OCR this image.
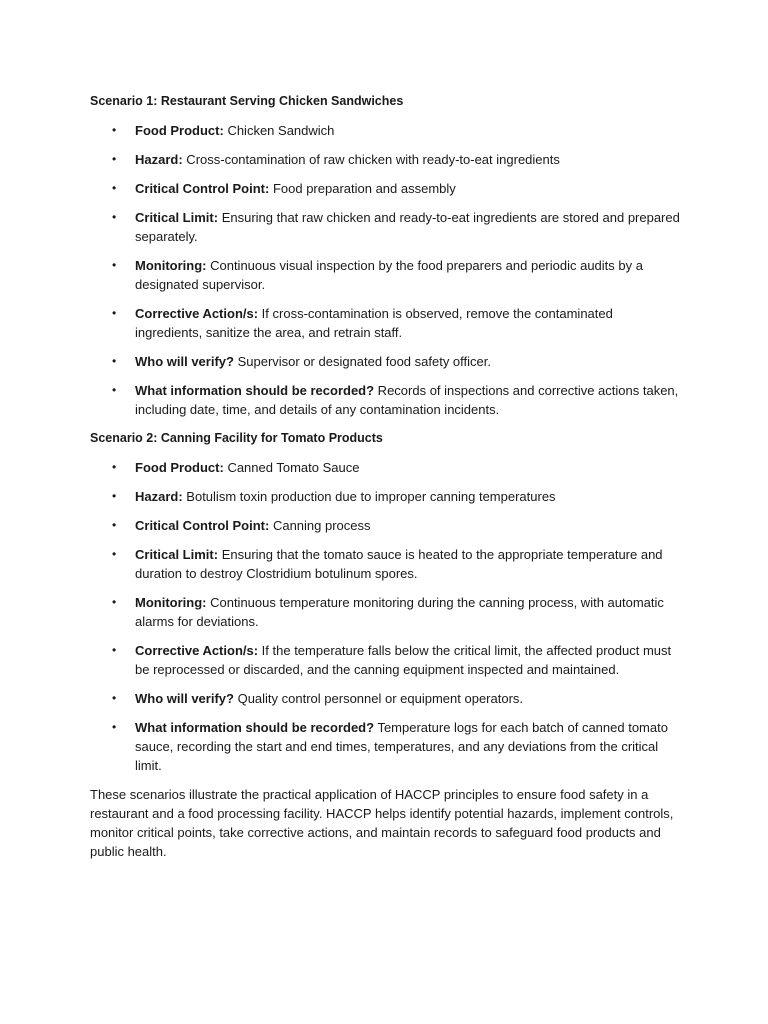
Scenario 1: Restaurant Serving Chicken Sandwiches
• Food Product: Chicken Sandwich
• Hazard: Cross-contamination of raw chicken with ready-to-eat ingredients
• Critical Control Point: Food preparation and assembly
• Critical Limit: Ensuring that raw chicken and ready-to-eat ingredients are stored and prepared separately.
• Monitoring: Continuous visual inspection by the food preparers and periodic audits by a designated supervisor.
• Corrective Action/s: If cross-contamination is observed, remove the contaminated ingredients, sanitize the area, and retrain staff.
• Who will verify? Supervisor or designated food safety officer.
• What information should be recorded? Records of inspections and corrective actions taken, including date, time, and details of any contamination incidents.
Scenario 2: Canning Facility for Tomato Products
• Food Product: Canned Tomato Sauce
• Hazard: Botulism toxin production due to improper canning temperatures
• Critical Control Point: Canning process
• Critical Limit: Ensuring that the tomato sauce is heated to the appropriate temperature and duration to destroy Clostridium botulinum spores.
• Monitoring: Continuous temperature monitoring during the canning process, with automatic alarms for deviations.
• Corrective Action/s: If the temperature falls below the critical limit, the affected product must be reprocessed or discarded, and the canning equipment inspected and maintained.
• Who will verify? Quality control personnel or equipment operators.
• What information should be recorded? Temperature logs for each batch of canned tomato sauce, recording the start and end times, temperatures, and any deviations from the critical limit.

These scenarios illustrate the practical application of HACCP principles to ensure food safety in a restaurant and a food processing facility. HACCP helps identify potential hazards, implement controls, monitor critical points, take corrective actions, and maintain records to safeguard food products and public health.
